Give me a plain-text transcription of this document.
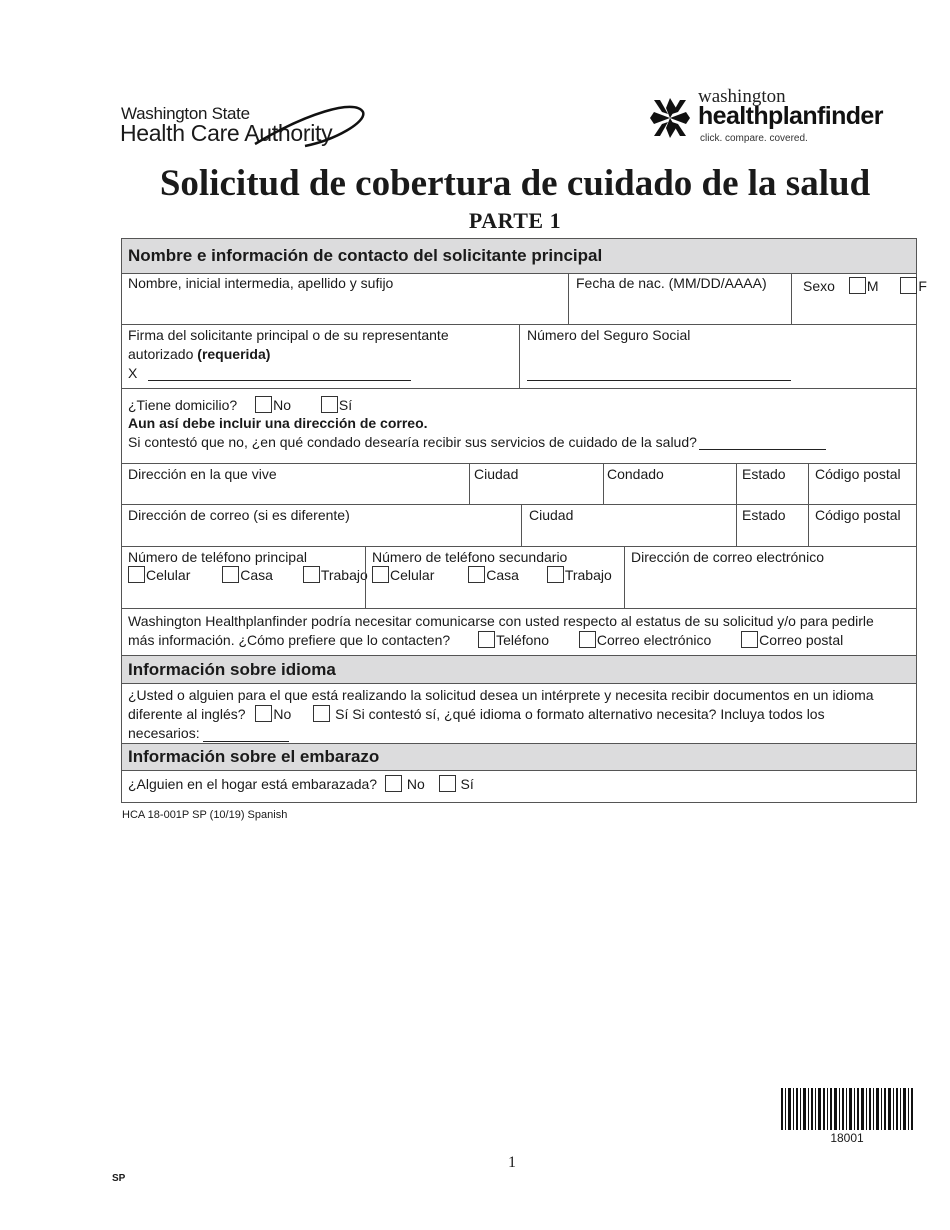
Washington State
Health Care Authority
washington
healthplanfinder
click. compare. covered.
Solicitud de cobertura de cuidado de la salud
PARTE 1
Nombre e información de contacto del solicitante principal
Nombre, inicial intermedia, apellido y sufijo	Fecha de nac. (MM/DD/AAAA)	Sexo M	F
Firma del solicitante principal o de su representante
autorizado (requerida)
X
Número del Seguro Social
¿Tiene domicilio?	No	Sí
Aun así debe incluir una dirección de correo.
Si contestó que no, ¿en qué condado desearía recibir sus servicios de cuidado de la salud?
Dirección en la que vive	Ciudad	Condado	Estado Código postal
Dirección de correo (si es diferente)	Ciudad	Estado Código postal
Número de teléfono principal
Celular	Casa	Trabajo
Número de teléfono secundario
Celular	Casa	Trabajo
Dirección de correo electrónico
Washington Healthplanfinder podría necesitar comunicarse con usted respecto al estatus de su solicitud y/o para pedirle
más información. ¿Cómo prefiere que lo contacten?	Teléfono	Correo electrónico	Correo postal
Información sobre idioma
¿Usted o alguien para el que está realizando la solicitud desea un intérprete y necesita recibir documentos en un idioma
diferente al inglés? No	Sí Si contestó sí, ¿qué idioma o formato alternativo necesita? Incluya todos los
necesarios:
Información sobre el embarazo
¿Alguien en el hogar está embarazada? No	Sí
HCA 18-001P SP (10/19) Spanish
18001
1
SP
